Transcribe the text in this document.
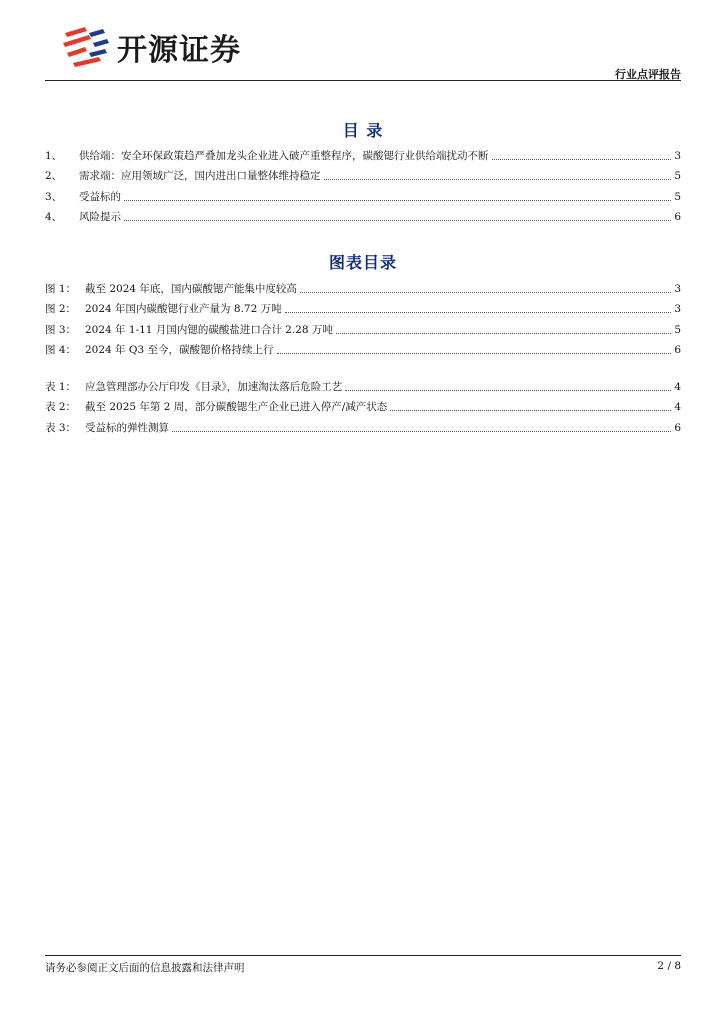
开源证券
行业点评报告
目 录
1、	供给端：安全环保政策趋严叠加龙头企业进入破产重整程序，碳酸锶行业供给端扰动不断	3
2、	需求端：应用领域广泛，国内进出口量整体维持稳定	5
3、	受益标的	5
4、	风险提示	6
图表目录
图 1： 截至 2024 年底，国内碳酸锶产能集中度较高	3
图 2： 2024 年国内碳酸锶行业产量为 8.72 万吨	3
图 3： 2024 年 1-11 月国内锶的碳酸盐进口合计 2.28 万吨	5
图 4： 2024 年 Q3 至今，碳酸锶价格持续上行	6
表 1： 应急管理部办公厅印发《目录》，加速淘汰落后危险工艺	4
表 2： 截至 2025 年第 2 周，部分碳酸锶生产企业已进入停产/减产状态	4
表 3： 受益标的弹性测算	6
请务必参阅正文后面的信息披露和法律声明	2 / 8
